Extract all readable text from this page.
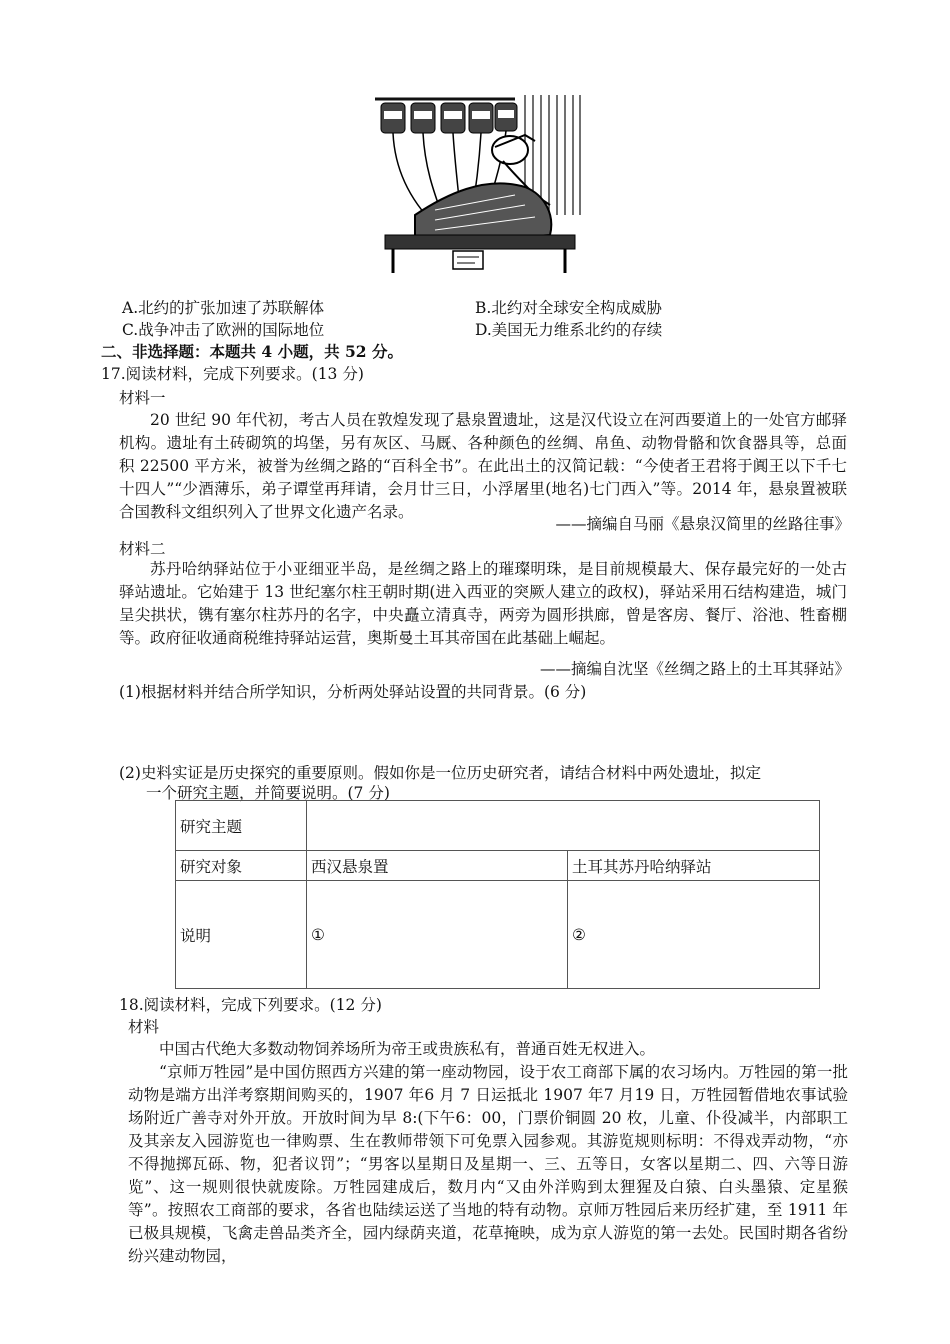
A.北约的扩张加速了苏联解体	B.北约对全球安全构成威胁
C.战争冲击了欧洲的国际地位	D.美国无力维系北约的存续
二、非选择题：本题共 4 小题，共 52 分。
17.阅读材料，完成下列要求。(13 分)
材料一

20 世纪 90 年代初，考古人员在敦煌发现了悬泉置遗址，这是汉代设立在河西要道上的一处官方邮驿机构。遗址有土砖砌筑的坞堡，另有灰区、马厩、各种颜色的丝绸、帛鱼、动物骨骼和饮食器具等，总面积 22500 平方米，被誉为丝绸之路的“百科全书”。在此出土的汉简记载：“今使者王君将于阗王以下千七十四人”“少酒薄乐，弟子谭堂再拜请，会月廿三日，小浮屠里(地名)七门西入”等。2014 年，悬泉置被联合国教科文组织列入了世界文化遗产名录。

——摘编自马丽《悬泉汉简里的丝路往事》
材料二

苏丹哈纳驿站位于小亚细亚半岛，是丝绸之路上的璀璨明珠，是目前规模最大、保存最完好的一处古驿站遗址。它始建于 13 世纪塞尔柱王朝时期(进入西亚的突厥人建立的政权)，驿站采用石结构建造，城门呈尖拱状，镌有塞尔柱苏丹的名字，中央矗立清真寺，两旁为圆形拱廊，曾是客房、餐厅、浴池、牲畜棚等。政府征收通商税维持驿站运营，奥斯曼土耳其帝国在此基础上崛起。

——摘编自沈坚《丝绸之路上的土耳其驿站》
(1)根据材料并结合所学知识，分析两处驿站设置的共同背景。(6 分)
(2)史料实证是历史探究的重要原则。假如你是一位历史研究者，请结合材料中两处遗址，拟定
一个研究主题，并简要说明。(7 分)
研究主题		
研究对象	西汉悬泉置	土耳其苏丹哈纳驿站
说明	①	②
18.阅读材料，完成下列要求。(12 分)
材料

中国古代绝大多数动物饲养场所为帝王或贵族私有，普通百姓无权进入。

“京师万牲园”是中国仿照西方兴建的第一座动物园，设于农工商部下属的农习场内。万牲园的第一批动物是端方出洋考察期间购买的，1907 年6 月 7 日运抵北 1907 年7 月19 日，万牲园暂借地农事试验场附近广善寺对外开放。开放时间为早 8:(下午6：00，门票价铜圆 20 枚，儿童、仆役减半，内部职工及其亲友入园游览也一律购票、生在教师带领下可免票入园参观。其游览规则标明：不得戏弄动物，“亦不得抛掷瓦砾、物，犯者议罚”；“男客以星期日及星期一、三、五等日，女客以星期二、四、六等日游览”、这一规则很快就废除。万牲园建成后，数月内“又由外洋购到太狸猩及白猿、白头墨猿、定星猴等”。按照农工商部的要求，各省也陆续运送了当地的特有动物。京师万牲园后来历经扩建，至 1911 年已极具规模，飞禽走兽品类齐全，园内绿荫夹道，花草掩映，成为京人游览的第一去处。民国时期各省纷纷兴建动物园，
